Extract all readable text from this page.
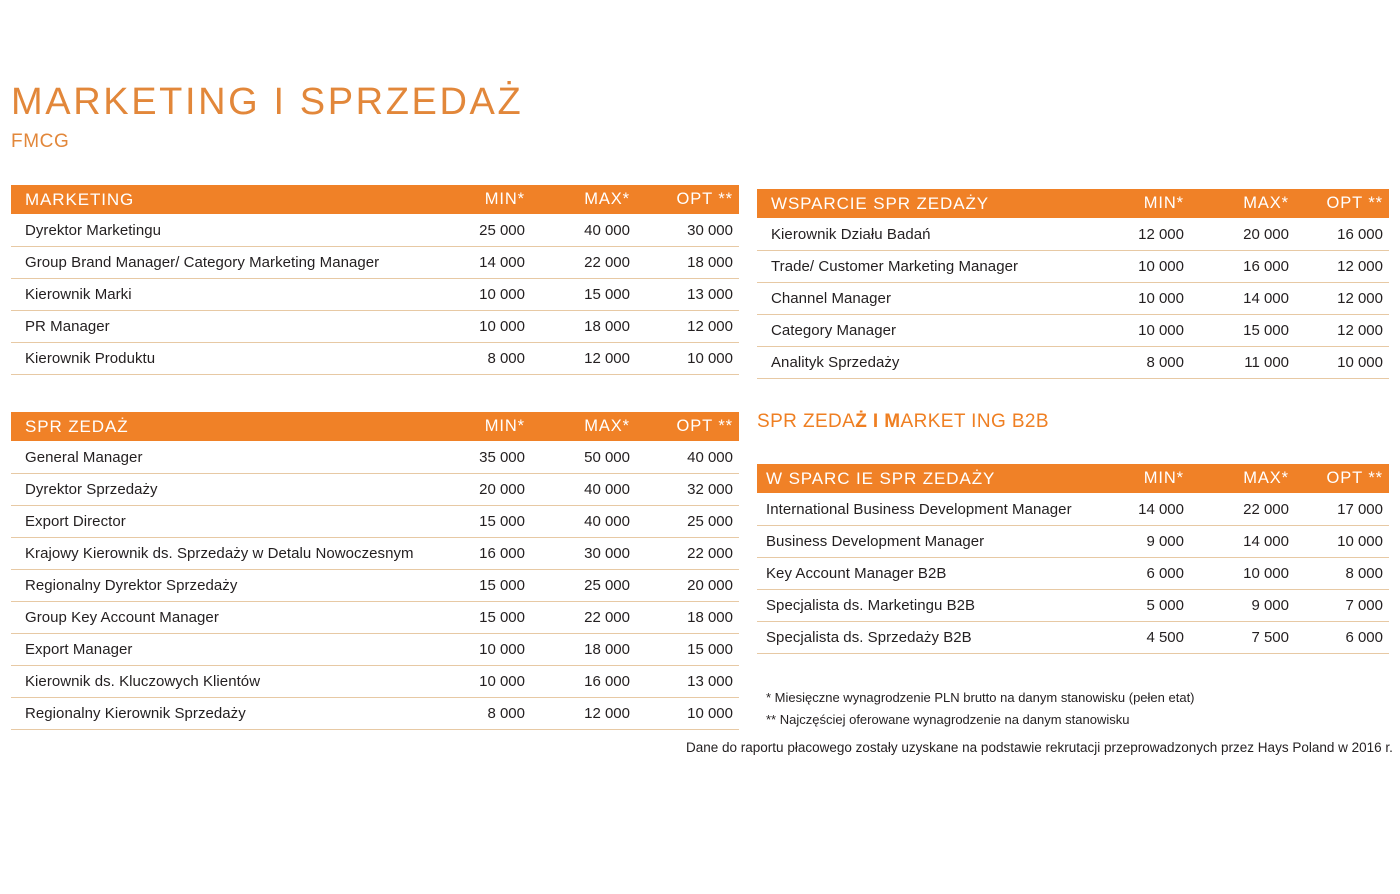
MARKETING I SPRZEDAŻ
FMCG
SPR ZEDAŻ I MARKET ING B2B
MARKETING	MIN*	MAX*	OPT **
Dyrektor Marketingu	25 000	40 000	30 000
Group Brand Manager/ Category Marketing Manager	14 000	22 000	18 000
Kierownik Marki	10 000	15 000	13 000
PR Manager	10 000	18 000	12 000
Kierownik Produktu	8 000	12 000	10 000
SPR ZEDAŻ	MIN*	MAX*	OPT **
General Manager	35 000	50 000	40 000
Dyrektor Sprzedaży	20 000	40 000	32 000
Export Director	15 000	40 000	25 000
Krajowy Kierownik ds. Sprzedaży w Detalu Nowoczesnym	16 000	30 000	22 000
Regionalny Dyrektor Sprzedaży	15 000	25 000	20 000
Group Key Account Manager	15 000	22 000	18 000
Export Manager	10 000	18 000	15 000
Kierownik ds. Kluczowych Klientów	10 000	16 000	13 000
Regionalny Kierownik Sprzedaży	8 000	12 000	10 000
WSPARCIE SPR ZEDAŻY	MIN*	MAX*	OPT **
Kierownik Działu Badań	12 000	20 000	16 000
Trade/ Customer Marketing Manager	10 000	16 000	12 000
Channel Manager	10 000	14 000	12 000
Category Manager	10 000	15 000	12 000
Analityk Sprzedaży	8 000	11 000	10 000
W SPARC IE SPR ZEDAŻY	MIN*	MAX*	OPT **
International Business Development Manager	14 000	22 000	17 000
Business Development Manager	9 000	14 000	10 000
Key Account Manager B2B	6 000	10 000	8 000
Specjalista ds. Marketingu B2B	5 000	9 000	7 000
Specjalista ds. Sprzedaży B2B	4 500	7 500	6 000
* Miesięczne wynagrodzenie PLN brutto na danym stanowisku (pełen etat)
** Najczęściej oferowane wynagrodzenie na danym stanowisku
Dane do raportu płacowego zostały uzyskane na podstawie rekrutacji przeprowadzonych przez Hays Poland w 2016 r.
